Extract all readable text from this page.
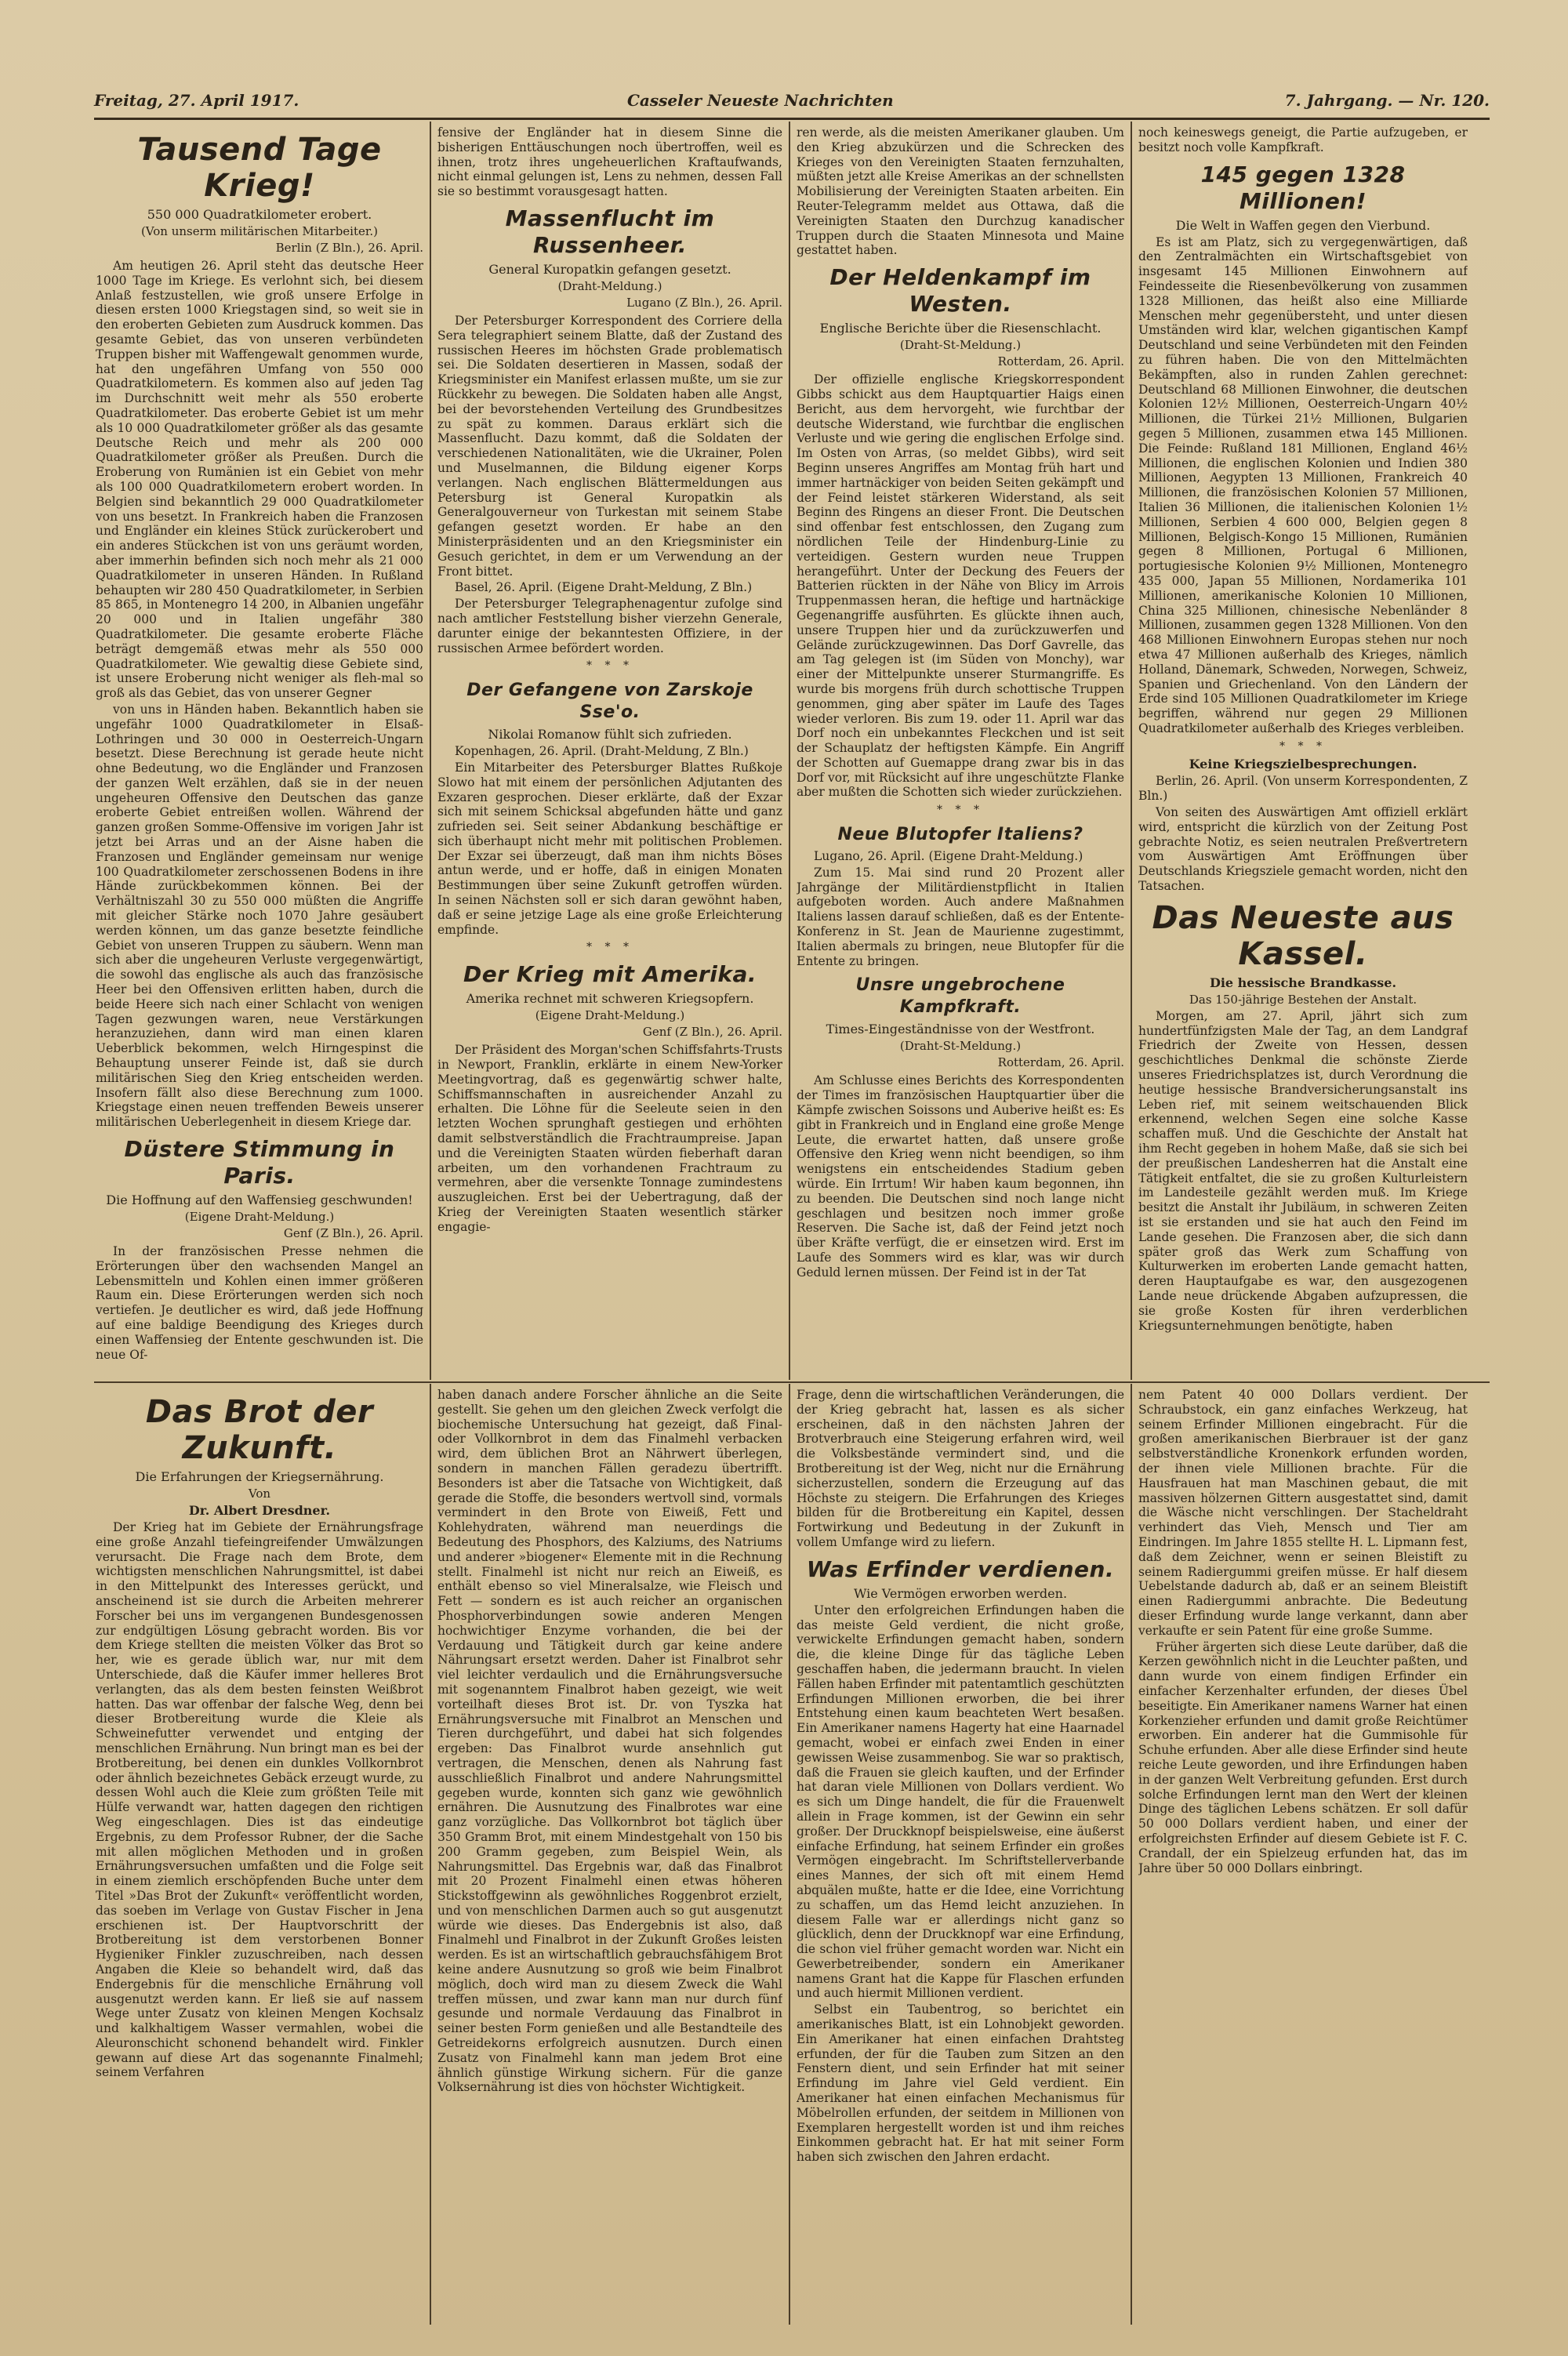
Freitag, 27. April 1917.	Casseler Neueste Nachrichten	7. Jahrgang. — Nr. 120.
Tausend Tage Krieg!
550 000 Quadratkilometer erobert.
(Von unserm militärischen Mitarbeiter.)
Berlin (Z Bln.), 26. April.

Am heutigen 26. April steht das deutsche Heer 1000 Tage im Kriege. Es verlohnt sich, bei diesem Anlaß festzustellen, wie groß unsere Erfolge in diesen ersten 1000 Kriegstagen sind, so weit sie in den eroberten Gebieten zum Ausdruck kommen. Das gesamte Gebiet, das von unseren verbündeten Truppen bisher mit Waffengewalt genommen wurde, hat den ungefähren Umfang von 550 000 Quadratkilometern. Es kommen also auf jeden Tag im Durchschnitt weit mehr als 550 eroberte Quadratkilometer. Das eroberte Gebiet ist um mehr als 10 000 Quadratkilometer größer als das gesamte Deutsche Reich und mehr als 200 000 Quadratkilometer größer als Preußen. Durch die Eroberung von Rumänien ist ein Gebiet von mehr als 100 000 Quadratkilometern erobert worden. In Belgien sind bekanntlich 29 000 Quadratkilometer von uns besetzt. In Frankreich haben die Franzosen und Engländer ein kleines Stück zurückerobert und ein anderes Stückchen ist von uns geräumt worden, aber immerhin befinden sich noch mehr als 21 000 Quadratkilometer in unseren Händen. In Rußland behaupten wir 280 450 Quadratkilometer, in Serbien 85 865, in Montenegro 14 200, in Albanien ungefähr 20 000 und in Italien ungefähr 380 Quadratkilometer. Die gesamte eroberte Fläche beträgt demgemäß etwas mehr als 550 000 Quadratkilometer. Wie gewaltig diese Gebiete sind, ist unsere Eroberung nicht weniger als fleh-mal so groß als das Gebiet, das von unserer Gegner

von uns in Händen haben. Bekanntlich haben sie ungefähr 1000 Quadratkilometer in Elsaß-Lothringen und 30 000 in Oesterreich-Ungarn besetzt. Diese Berechnung ist gerade heute nicht ohne Bedeutung, wo die Engländer und Franzosen der ganzen Welt erzählen, daß sie in der neuen ungeheuren Offensive den Deutschen das ganze eroberte Gebiet entreißen wollen. Während der ganzen großen Somme-Offensive im vorigen Jahr ist jetzt bei Arras und an der Aisne haben die Franzosen und Engländer gemeinsam nur wenige 100 Quadratkilometer zerschossenen Bodens in ihre Hände zurückbekommen können. Bei der Verhältniszahl 30 zu 550 000 müßten die Angriffe mit gleicher Stärke noch 1070 Jahre gesäubert werden können, um das ganze besetzte feindliche Gebiet von unseren Truppen zu säubern. Wenn man sich aber die ungeheuren Verluste vergegenwärtigt, die sowohl das englische als auch das französische Heer bei den Offensiven erlitten haben, durch die beide Heere sich nach einer Schlacht von wenigen Tagen gezwungen waren, neue Verstärkungen heranzuziehen, dann wird man einen klaren Ueberblick bekommen, welch Hirngespinst die Behauptung unserer Feinde ist, daß sie durch militärischen Sieg den Krieg entscheiden werden. Insofern fällt also diese Berechnung zum 1000. Kriegstage einen neuen treffenden Beweis unserer militärischen Ueberlegenheit in diesem Kriege dar.

Düstere Stimmung in Paris.
Die Hoffnung auf den Waffensieg geschwunden!
(Eigene Draht-Meldung.)
Genf (Z Bln.), 26. April.

In der französischen Presse nehmen die Erörterungen über den wachsenden Mangel an Lebensmitteln und Kohlen einen immer größeren Raum ein. Diese Erörterungen werden sich noch vertiefen. Je deutlicher es wird, daß jede Hoffnung auf eine baldige Beendigung des Krieges durch einen Waffensieg der Entente geschwunden ist. Die neue Of-

fensive der Engländer hat in diesem Sinne die bisherigen Enttäuschungen noch übertroffen, weil es ihnen, trotz ihres ungeheuerlichen Kraftaufwands, nicht einmal gelungen ist, Lens zu nehmen, dessen Fall sie so bestimmt vorausgesagt hatten.

Massenflucht im Russenheer.
General Kuropatkin gefangen gesetzt.
(Draht-Meldung.)
Lugano (Z Bln.), 26. April.

Der Petersburger Korrespondent des Corriere della Sera telegraphiert seinem Blatte, daß der Zustand des russischen Heeres im höchsten Grade problematisch sei. Die Soldaten desertieren in Massen, sodaß der Kriegsminister ein Manifest erlassen mußte, um sie zur Rückkehr zu bewegen. Die Soldaten haben alle Angst, bei der bevorstehenden Verteilung des Grundbesitzes zu spät zu kommen. Daraus erklärt sich die Massenflucht. Dazu kommt, daß die Soldaten der verschiedenen Nationalitäten, wie die Ukrainer, Polen und Muselmannen, die Bildung eigener Korps verlangen. Nach englischen Blättermeldungen aus Petersburg ist General Kuropatkin als Generalgouverneur von Turkestan mit seinem Stabe gefangen gesetzt worden. Er habe an den Ministerpräsidenten und an den Kriegsminister ein Gesuch gerichtet, in dem er um Verwendung an der Front bittet.

Basel, 26. April. (Eigene Draht-Meldung, Z Bln.)

Der Petersburger Telegraphenagentur zufolge sind nach amtlicher Feststellung bisher vierzehn Generale, darunter einige der bekanntesten Offiziere, in der russischen Armee befördert worden.

* * *
Der Gefangene von Zarskoje Sse'o.
Nikolai Romanow fühlt sich zufrieden.

Kopenhagen, 26. April. (Draht-Meldung, Z Bln.)

Ein Mitarbeiter des Petersburger Blattes Rußkoje Slowo hat mit einem der persönlichen Adjutanten des Exzaren gesprochen. Dieser erklärte, daß der Exzar sich mit seinem Schicksal abgefunden hätte und ganz zufrieden sei. Seit seiner Abdankung beschäftige er sich überhaupt nicht mehr mit politischen Problemen. Der Exzar sei überzeugt, daß man ihm nichts Böses antun werde, und er hoffe, daß in einigen Monaten Bestimmungen über seine Zukunft getroffen würden. In seinen Nächsten soll er sich daran gewöhnt haben, daß er seine jetzige Lage als eine große Erleichterung empfinde.

* * *
Der Krieg mit Amerika.
Amerika rechnet mit schweren Kriegsopfern.
(Eigene Draht-Meldung.)
Genf (Z Bln.), 26. April.

Der Präsident des Morgan'schen Schiffsfahrts-Trusts in Newport, Franklin, erklärte in einem New-Yorker Meetingvortrag, daß es gegenwärtig schwer halte, Schiffsmannschaften in ausreichender Anzahl zu erhalten. Die Löhne für die Seeleute seien in den letzten Wochen sprunghaft gestiegen und erhöhten damit selbstverständlich die Frachtraumpreise. Japan und die Vereinigten Staaten würden fieberhaft daran arbeiten, um den vorhandenen Frachtraum zu vermehren, aber die versenkte Tonnage zumindestens auszugleichen. Erst bei der Uebertragung, daß der Krieg der Vereinigten Staaten wesentlich stärker engagie-

ren werde, als die meisten Amerikaner glauben. Um den Krieg abzukürzen und die Schrecken des Krieges von den Vereinigten Staaten fernzuhalten, müßten jetzt alle Kreise Amerikas an der schnellsten Mobilisierung der Vereinigten Staaten arbeiten. Ein Reuter-Telegramm meldet aus Ottawa, daß die Vereinigten Staaten den Durchzug kanadischer Truppen durch die Staaten Minnesota und Maine gestattet haben.

Der Heldenkampf im Westen.
Englische Berichte über die Riesenschlacht.
(Draht-St-Meldung.)
Rotterdam, 26. April.

Der offizielle englische Kriegskorrespondent Gibbs schickt aus dem Hauptquartier Haigs einen Bericht, aus dem hervorgeht, wie furchtbar der deutsche Widerstand, wie furchtbar die englischen Verluste und wie gering die englischen Erfolge sind. Im Osten von Arras, (so meldet Gibbs), wird seit Beginn unseres Angriffes am Montag früh hart und immer hartnäckiger von beiden Seiten gekämpft und der Feind leistet stärkeren Widerstand, als seit Beginn des Ringens an dieser Front. Die Deutschen sind offenbar fest entschlossen, den Zugang zum nördlichen Teile der Hindenburg-Linie zu verteidigen. Gestern wurden neue Truppen herangeführt. Unter der Deckung des Feuers der Batterien rückten in der Nähe von Blicy im Arrois Truppenmassen heran, die heftige und hartnäckige Gegenangriffe ausführten. Es glückte ihnen auch, unsere Truppen hier und da zurückzuwerfen und Gelände zurückzugewinnen. Das Dorf Gavrelle, das am Tag gelegen ist (im Süden von Monchy), war einer der Mittelpunkte unserer Sturmangriffe. Es wurde bis morgens früh durch schottische Truppen genommen, ging aber später im Laufe des Tages wieder verloren. Bis zum 19. oder 11. April war das Dorf noch ein unbekanntes Fleckchen und ist seit der Schauplatz der heftigsten Kämpfe. Ein Angriff der Schotten auf Guemappe drang zwar bis in das Dorf vor, mit Rücksicht auf ihre ungeschützte Flanke aber mußten die Schotten sich wieder zurückziehen.

* * *
Neue Blutopfer Italiens?

Lugano, 26. April. (Eigene Draht-Meldung.)

Zum 15. Mai sind rund 20 Prozent aller Jahrgänge der Militärdienstpflicht in Italien aufgeboten worden. Auch andere Maßnahmen Italiens lassen darauf schließen, daß es der Entente-Konferenz in St. Jean de Maurienne zugestimmt, Italien abermals zu bringen, neue Blutopfer für die Entente zu bringen.

Unsre ungebrochene Kampfkraft.
Times-Eingeständnisse von der Westfront.
(Draht-St-Meldung.)
Rotterdam, 26. April.

Am Schlusse eines Berichts des Korrespondenten der Times im französischen Hauptquartier über die Kämpfe zwischen Soissons und Auberive heißt es: Es gibt in Frankreich und in England eine große Menge Leute, die erwartet hatten, daß unsere große Offensive den Krieg wenn nicht beendigen, so ihm wenigstens ein entscheidendes Stadium geben würde. Ein Irrtum! Wir haben kaum begonnen, ihn zu beenden. Die Deutschen sind noch lange nicht geschlagen und besitzen noch immer große Reserven. Die Sache ist, daß der Feind jetzt noch über Kräfte verfügt, die er einsetzen wird. Erst im Laufe des Sommers wird es klar, was wir durch Geduld lernen müssen. Der Feind ist in der Tat

noch keineswegs geneigt, die Partie aufzugeben, er besitzt noch volle Kampfkraft.

145 gegen 1328 Millionen!
Die Welt in Waffen gegen den Vierbund.

Es ist am Platz, sich zu vergegenwärtigen, daß den Zentralmächten ein Wirtschaftsgebiet von insgesamt 145 Millionen Einwohnern auf Feindesseite die Riesenbevölkerung von zusammen 1328 Millionen, das heißt also eine Milliarde Menschen mehr gegenübersteht, und unter diesen Umständen wird klar, welchen gigantischen Kampf Deutschland und seine Verbündeten mit den Feinden zu führen haben. Die von den Mittelmächten Bekämpften, also in runden Zahlen gerechnet: Deutschland 68 Millionen Einwohner, die deutschen Kolonien 12½ Millionen, Oesterreich-Ungarn 40½ Millionen, die Türkei 21½ Millionen, Bulgarien gegen 5 Millionen, zusammen etwa 145 Millionen. Die Feinde: Rußland 181 Millionen, England 46½ Millionen, die englischen Kolonien und Indien 380 Millionen, Aegypten 13 Millionen, Frankreich 40 Millionen, die französischen Kolonien 57 Millionen, Italien 36 Millionen, die italienischen Kolonien 1½ Millionen, Serbien 4 600 000, Belgien gegen 8 Millionen, Belgisch-Kongo 15 Millionen, Rumänien gegen 8 Millionen, Portugal 6 Millionen, portugiesische Kolonien 9½ Millionen, Montenegro 435 000, Japan 55 Millionen, Nordamerika 101 Millionen, amerikanische Kolonien 10 Millionen, China 325 Millionen, chinesische Nebenländer 8 Millionen, zusammen gegen 1328 Millionen. Von den 468 Millionen Einwohnern Europas stehen nur noch etwa 47 Millionen außerhalb des Krieges, nämlich Holland, Dänemark, Schweden, Norwegen, Schweiz, Spanien und Griechenland. Von den Ländern der Erde sind 105 Millionen Quadratkilometer im Kriege begriffen, während nur gegen 29 Millionen Quadratkilometer außerhalb des Krieges verbleiben.

* * *
Keine Kriegszielbesprechungen.

Berlin, 26. April. (Von unserm Korrespondenten, Z Bln.)

Von seiten des Auswärtigen Amt offiziell erklärt wird, entspricht die kürzlich von der Zeitung Post gebrachte Notiz, es seien neutralen Preßvertretern vom Auswärtigen Amt Eröffnungen über Deutschlands Kriegsziele gemacht worden, nicht den Tatsachen.

Das Neueste aus Kassel.
Die hessische Brandkasse.
Das 150-jährige Bestehen der Anstalt.

Morgen, am 27. April, jährt sich zum hundertfünfzigsten Male der Tag, an dem Landgraf Friedrich der Zweite von Hessen, dessen geschichtliches Denkmal die schönste Zierde unseres Friedrichsplatzes ist, durch Verordnung die heutige hessische Brandversicherungsanstalt ins Leben rief, mit seinem weitschauenden Blick erkennend, welchen Segen eine solche Kasse schaffen muß. Und die Geschichte der Anstalt hat ihm Recht gegeben in hohem Maße, daß sie sich bei der preußischen Landesherren hat die Anstalt eine Tätigkeit entfaltet, die sie zu großen Kulturleistern im Landesteile gezählt werden muß. Im Kriege besitzt die Anstalt ihr Jubiläum, in schweren Zeiten ist sie erstanden und sie hat auch den Feind im Lande gesehen. Die Franzosen aber, die sich dann später groß das Werk zum Schaffung von Kulturwerken im eroberten Lande gemacht hatten, deren Hauptaufgabe es war, den ausgezogenen Lande neue drückende Abgaben aufzupressen, die sie große Kosten für ihren verderblichen Kriegsunternehmungen benötigte, haben

Das Brot der Zukunft.
Die Erfahrungen der Kriegsernährung.
Von
Dr. Albert Dresdner.

Der Krieg hat im Gebiete der Ernährungsfrage eine große Anzahl tiefeingreifender Umwälzungen verursacht. Die Frage nach dem Brote, dem wichtigsten menschlichen Nahrungsmittel, ist dabei in den Mittelpunkt des Interesses gerückt, und anscheinend ist sie durch die Arbeiten mehrerer Forscher bei uns im vergangenen Bundesgenossen zur endgültigen Lösung gebracht worden. Bis vor dem Kriege stellten die meisten Völker das Brot so her, wie es gerade üblich war, nur mit dem Unterschiede, daß die Käufer immer helleres Brot verlangten, das als dem besten feinsten Weißbrot hatten. Das war offenbar der falsche Weg, denn bei dieser Brotbereitung wurde die Kleie als Schweinefutter verwendet und entging der menschlichen Ernährung. Nun bringt man es bei der Brotbereitung, bei denen ein dunkles Vollkornbrot oder ähnlich bezeichnetes Gebäck erzeugt wurde, zu dessen Wohl auch die Kleie zum größten Teile mit Hülfe verwandt war, hatten dagegen den richtigen Weg eingeschlagen. Dies ist das eindeutige Ergebnis, zu dem Professor Rubner, der die Sache mit allen möglichen Methoden und in großen Ernährungsversuchen umfaßten und die Folge seit in einem ziemlich erschöpfenden Buche unter dem Titel »Das Brot der Zukunft« veröffentlicht worden, das soeben im Verlage von Gustav Fischer in Jena erschienen ist. Der Hauptvorschritt der Brotbereitung ist dem verstorbenen Bonner Hygieniker Finkler zuzuschreiben, nach dessen Angaben die Kleie so behandelt wird, daß das Endergebnis für die menschliche Ernährung voll ausgenutzt werden kann. Er ließ sie auf nassem Wege unter Zusatz von kleinen Mengen Kochsalz und kalkhaltigem Wasser vermahlen, wobei die Aleuronschicht schonend behandelt wird. Finkler gewann auf diese Art das sogenannte Finalmehl; seinem Verfahren

haben danach andere Forscher ähnliche an die Seite gestellt. Sie gehen um den gleichen Zweck verfolgt die biochemische Untersuchung hat gezeigt, daß Final- oder Vollkornbrot in dem das Finalmehl verbacken wird, dem üblichen Brot an Nährwert überlegen, sondern in manchen Fällen geradezu übertrifft. Besonders ist aber die Tatsache von Wichtigkeit, daß gerade die Stoffe, die besonders wertvoll sind, vormals vermindert in den Brote von Eiweiß, Fett und Kohlehydraten, während man neuerdings die Bedeutung des Phosphors, des Kalziums, des Natriums und anderer »biogener« Elemente mit in die Rechnung stellt. Finalmehl ist nicht nur reich an Eiweiß, es enthält ebenso so viel Mineralsalze, wie Fleisch und Fett — sondern es ist auch reicher an organischen Phosphorverbindungen sowie anderen Mengen hochwichtiger Enzyme vorhanden, die bei der Verdauung und Tätigkeit durch gar keine andere Nährungsart ersetzt werden. Daher ist Finalbrot sehr viel leichter verdaulich und die Ernährungsversuche mit sogenanntem Finalbrot haben gezeigt, wie weit vorteilhaft dieses Brot ist. Dr. von Tyszka hat Ernährungsversuche mit Finalbrot an Menschen und Tieren durchgeführt, und dabei hat sich folgendes ergeben: Das Finalbrot wurde ansehnlich gut vertragen, die Menschen, denen als Nahrung fast ausschließlich Finalbrot und andere Nahrungsmittel gegeben wurde, konnten sich ganz wie gewöhnlich ernähren. Die Ausnutzung des Finalbrotes war eine ganz vorzügliche. Das Vollkornbrot bot täglich über 350 Gramm Brot, mit einem Mindestgehalt von 150 bis 200 Gramm gegeben, zum Beispiel Wein, als Nahrungsmittel. Das Ergebnis war, daß das Finalbrot mit 20 Prozent Finalmehl einen etwas höheren Stickstoffgewinn als gewöhnliches Roggenbrot erzielt, und von menschlichen Darmen auch so gut ausgenutzt würde wie dieses. Das Endergebnis ist also, daß Finalmehl und Finalbrot in der Zukunft Großes leisten werden. Es ist an wirtschaftlich gebrauchsfähigem Brot keine andere Ausnutzung so groß wie beim Finalbrot möglich, doch wird man zu diesem Zweck die Wahl treffen müssen, und zwar kann man nur durch fünf gesunde und normale Verdauung das Finalbrot in seiner besten Form genießen und alle Bestandteile des Getreidekorns erfolgreich ausnutzen. Durch einen Zusatz von Finalmehl kann man jedem Brot eine ähnlich günstige Wirkung sichern. Für die ganze Volksernährung ist dies von höchster Wichtigkeit.

Frage, denn die wirtschaftlichen Veränderungen, die der Krieg gebracht hat, lassen es als sicher erscheinen, daß in den nächsten Jahren der Brotverbrauch eine Steigerung erfahren wird, weil die Volksbestände vermindert sind, und die Brotbereitung ist der Weg, nicht nur die Ernährung sicherzustellen, sondern die Erzeugung auf das Höchste zu steigern. Die Erfahrungen des Krieges bilden für die Brotbereitung ein Kapitel, dessen Fortwirkung und Bedeutung in der Zukunft in vollem Umfange wird zu liefern.

Was Erfinder verdienen.
Wie Vermögen erworben werden.

Unter den erfolgreichen Erfindungen haben die das meiste Geld verdient, die nicht große, verwickelte Erfindungen gemacht haben, sondern die, die kleine Dinge für das tägliche Leben geschaffen haben, die jedermann braucht. In vielen Fällen haben Erfinder mit patentamtlich geschützten Erfindungen Millionen erworben, die bei ihrer Entstehung einen kaum beachteten Wert besaßen. Ein Amerikaner namens Hagerty hat eine Haarnadel gemacht, wobei er einfach zwei Enden in einer gewissen Weise zusammenbog. Sie war so praktisch, daß die Frauen sie gleich kauften, und der Erfinder hat daran viele Millionen von Dollars verdient. Wo es sich um Dinge handelt, die für die Frauenwelt allein in Frage kommen, ist der Gewinn ein sehr großer. Der Druckknopf beispielsweise, eine äußerst einfache Erfindung, hat seinem Erfinder ein großes Vermögen eingebracht. Im Schriftstellerverbande eines Mannes, der sich oft mit einem Hemd abquälen mußte, hatte er die Idee, eine Vorrichtung zu schaffen, um das Hemd leicht anzuziehen. In diesem Falle war er allerdings nicht ganz so glücklich, denn der Druckknopf war eine Erfindung, die schon viel früher gemacht worden war. Nicht ein Gewerbetreibender, sondern ein Amerikaner namens Grant hat die Kappe für Flaschen erfunden und auch hiermit Millionen verdient.

Selbst ein Taubentrog, so berichtet ein amerikanisches Blatt, ist ein Lohnobjekt geworden. Ein Amerikaner hat einen einfachen Drahtsteg erfunden, der für die Tauben zum Sitzen an den Fenstern dient, und sein Erfinder hat mit seiner Erfindung im Jahre viel Geld verdient. Ein Amerikaner hat einen einfachen Mechanismus für Möbelrollen erfunden, der seitdem in Millionen von Exemplaren hergestellt worden ist und ihm reiches Einkommen gebracht hat. Er hat mit seiner Form haben sich zwischen den Jahren erdacht.

nem Patent 40 000 Dollars verdient. Der Schraubstock, ein ganz einfaches Werkzeug, hat seinem Erfinder Millionen eingebracht. Für die großen amerikanischen Bierbrauer ist der ganz selbstverständliche Kronenkork erfunden worden, der ihnen viele Millionen brachte. Für die Hausfrauen hat man Maschinen gebaut, die mit massiven hölzernen Gittern ausgestattet sind, damit die Wäsche nicht verschlingen. Der Stacheldraht verhindert das Vieh, Mensch und Tier am Eindringen. Im Jahre 1855 stellte H. L. Lipmann fest, daß dem Zeichner, wenn er seinen Bleistift zu seinem Radiergummi greifen müsse. Er half diesem Uebelstande dadurch ab, daß er an seinem Bleistift einen Radiergummi anbrachte. Die Bedeutung dieser Erfindung wurde lange verkannt, dann aber verkaufte er sein Patent für eine große Summe.

Früher ärgerten sich diese Leute darüber, daß die Kerzen gewöhnlich nicht in die Leuchter paßten, und dann wurde von einem findigen Erfinder ein einfacher Kerzenhalter erfunden, der dieses Übel beseitigte. Ein Amerikaner namens Warner hat einen Korkenzieher erfunden und damit große Reichtümer erworben. Ein anderer hat die Gummisohle für Schuhe erfunden. Aber alle diese Erfinder sind heute reiche Leute geworden, und ihre Erfindungen haben in der ganzen Welt Verbreitung gefunden. Erst durch solche Erfindungen lernt man den Wert der kleinen Dinge des täglichen Lebens schätzen. Er soll dafür 50 000 Dollars verdient haben, und einer der erfolgreichsten Erfinder auf diesem Gebiete ist F. C. Crandall, der ein Spielzeug erfunden hat, das im Jahre über 50 000 Dollars einbringt.
